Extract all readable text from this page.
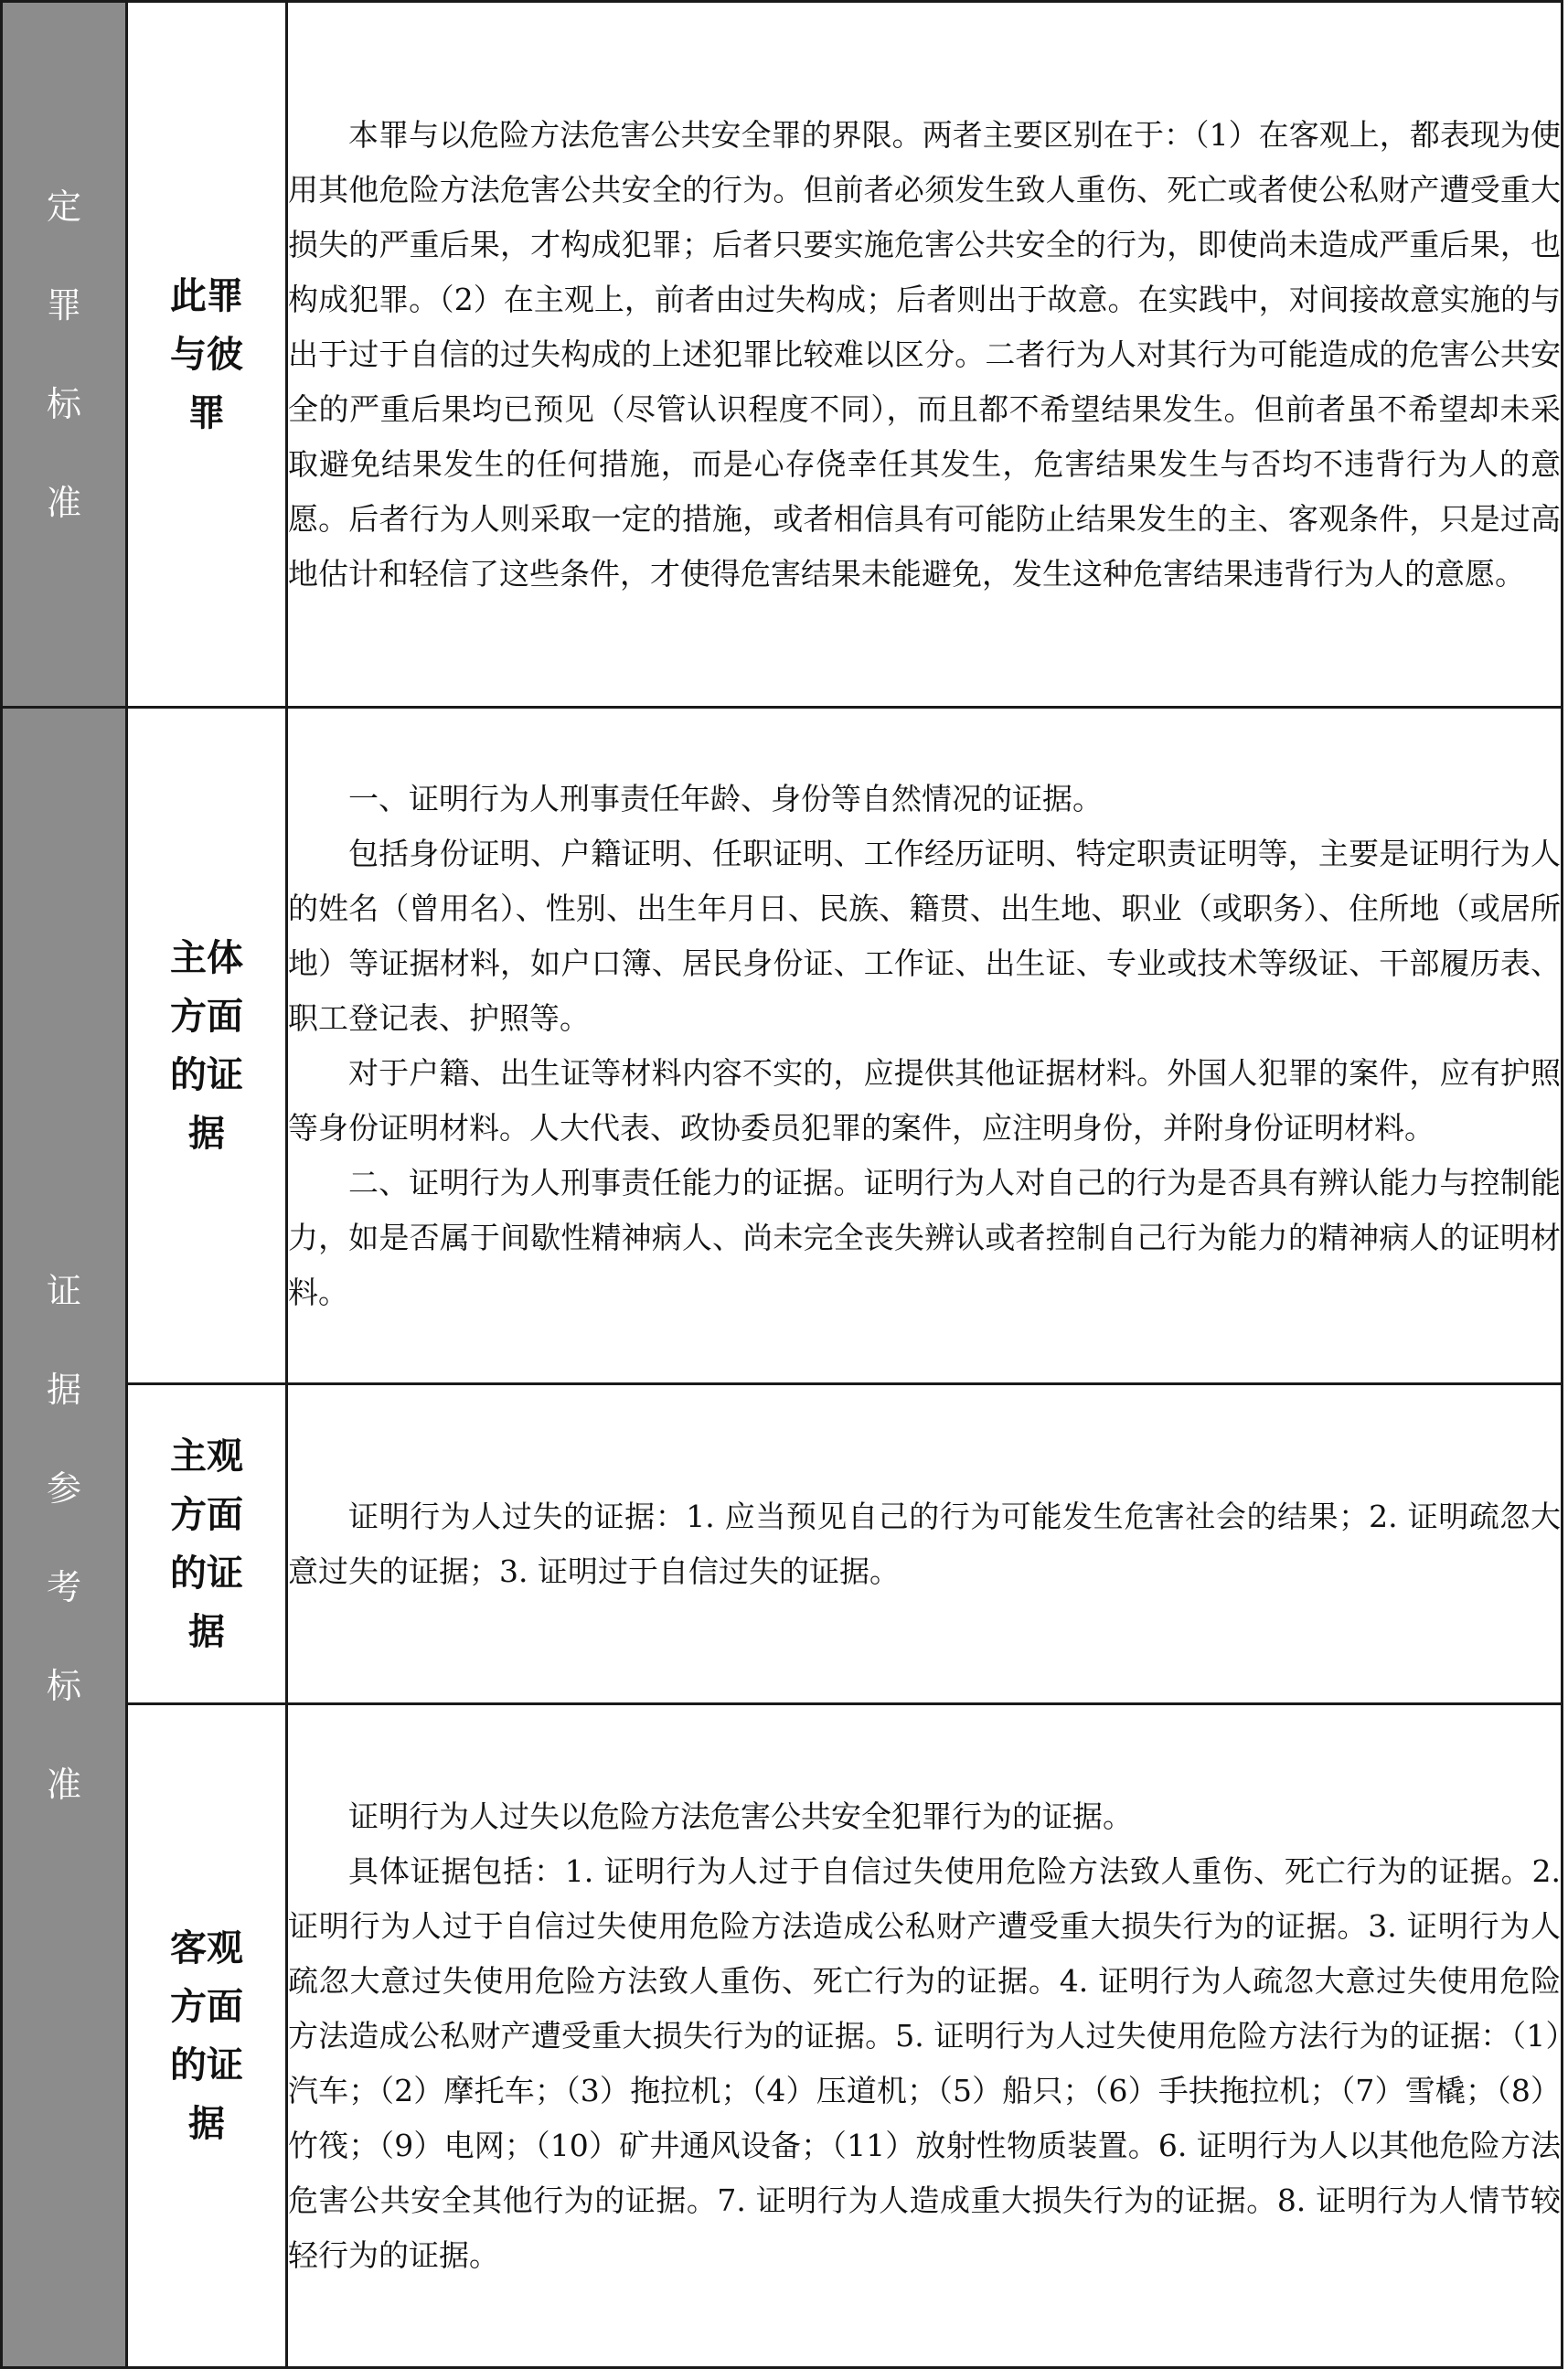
定罪标准	此罪与彼罪	本罪与以危险方法危害公共安全罪的界限。两者主要区别在于：（1）在客观上，都表现为使用其他危险方法危害公共安全的行为。但前者必须发生致人重伤、死亡或者使公私财产遭受重大损失的严重后果，才构成犯罪；后者只要实施危害公共安全的行为，即使尚未造成严重后果，也构成犯罪。（2）在主观上，前者由过失构成；后者则出于故意。在实践中，对间接故意实施的与出于过于自信的过失构成的上述犯罪比较难以区分。二者行为人对其行为可能造成的危害公共安全的严重后果均已预见（尽管认识程度不同），而且都不希望结果发生。但前者虽不希望却未采取避免结果发生的任何措施，而是心存侥幸任其发生，危害结果发生与否均不违背行为人的意愿。后者行为人则采取一定的措施，或者相信具有可能防止结果发生的主、客观条件，只是过高地估计和轻信了这些条件，才使得危害结果未能避免，发生这种危害结果违背行为人的意愿。

证据参考标准	主体方面的证据	一、证明行为人刑事责任年龄、身份等自然情况的证据。

包括身份证明、户籍证明、任职证明、工作经历证明、特定职责证明等，主要是证明行为人的姓名（曾用名）、性别、出生年月日、民族、籍贯、出生地、职业（或职务）、住所地（或居所地）等证据材料，如户口簿、居民身份证、工作证、出生证、专业或技术等级证、干部履历表、职工登记表、护照等。

对于户籍、出生证等材料内容不实的，应提供其他证据材料。外国人犯罪的案件，应有护照等身份证明材料。人大代表、政协委员犯罪的案件，应注明身份，并附身份证明材料。

二、证明行为人刑事责任能力的证据。证明行为人对自己的行为是否具有辨认能力与控制能力，如是否属于间歇性精神病人、尚未完全丧失辨认或者控制自己行为能力的精神病人的证明材料。

	主观方面的证据	证明行为人过失的证据：1. 应当预见自己的行为可能发生危害社会的结果；2. 证明疏忽大意过失的证据；3. 证明过于自信过失的证据。

	客观方面的证据	证明行为人过失以危险方法危害公共安全犯罪行为的证据。

具体证据包括：1. 证明行为人过于自信过失使用危险方法致人重伤、死亡行为的证据。2. 证明行为人过于自信过失使用危险方法造成公私财产遭受重大损失行为的证据。3. 证明行为人疏忽大意过失使用危险方法致人重伤、死亡行为的证据。4. 证明行为人疏忽大意过失使用危险方法造成公私财产遭受重大损失行为的证据。5. 证明行为人过失使用危险方法行为的证据：（1）汽车；（2）摩托车；（3）拖拉机；（4）压道机；（5）船只；（6）手扶拖拉机；（7）雪橇；（8）竹筏；（9）电网；（10）矿井通风设备；（11）放射性物质装置。6. 证明行为人以其他危险方法危害公共安全其他行为的证据。7. 证明行为人造成重大损失行为的证据。8. 证明行为人情节较轻行为的证据。
